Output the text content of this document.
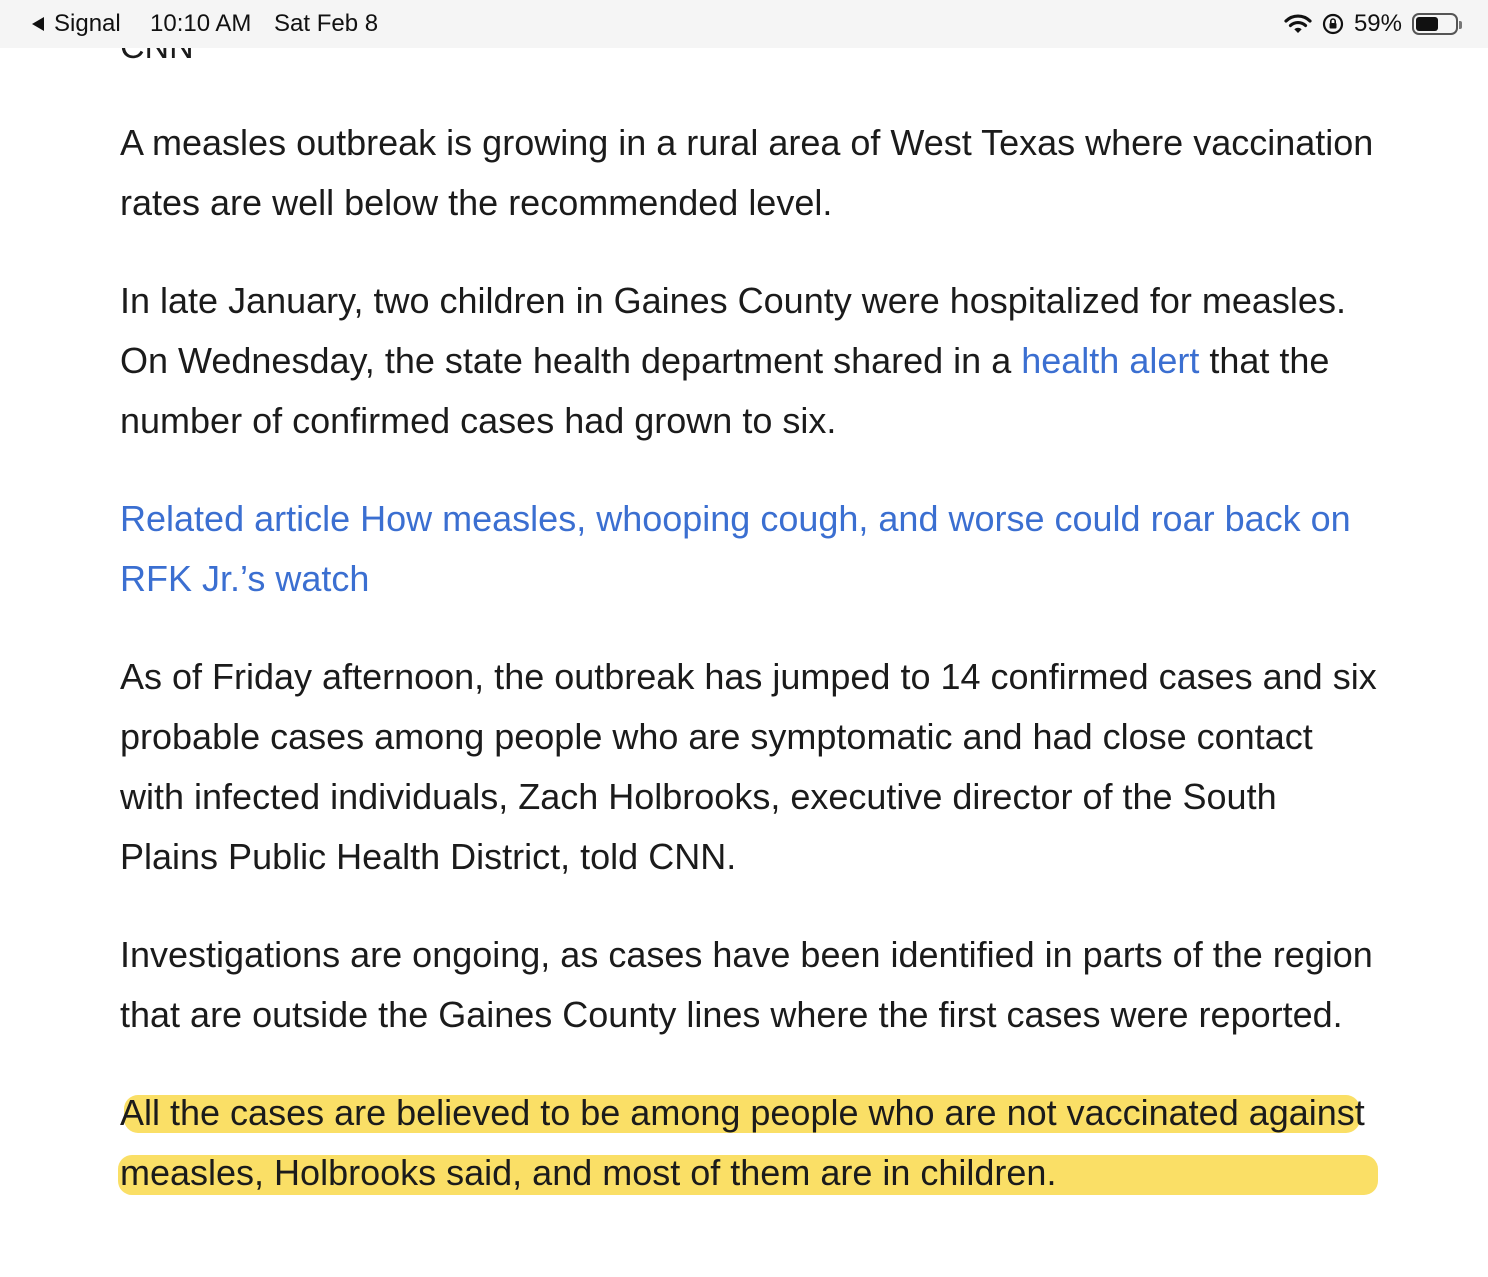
Signal 10:10 AM Sat Feb 8	59%

A measles outbreak is growing in a rural area of West Texas where vaccination rates are well below the recommended level.

In late January, two children in Gaines County were hospitalized for measles. On Wednesday, the state health department shared in a health alert that the number of confirmed cases had grown to six.

Related article How measles, whooping cough, and worse could roar back on RFK Jr.’s watch

As of Friday afternoon, the outbreak has jumped to 14 confirmed cases and six probable cases among people who are symptomatic and had close contact with infected individuals, Zach Holbrooks, executive director of the South Plains Public Health District, told CNN.

Investigations are ongoing, as cases have been identified in parts of the region that are outside the Gaines County lines where the first cases were reported.

All the cases are believed to be among people who are not vaccinated against measles, Holbrooks said, and most of them are in children.
